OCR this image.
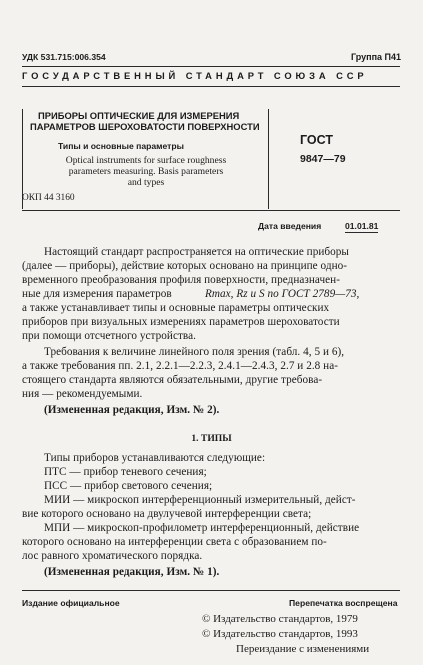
УДК 531.715:006.354	Группа П41
ГОСУДАРСТВЕННЫЙ СТАНДАРТ СОЮЗА ССР
ПРИБОРЫ ОПТИЧЕСКИЕ ДЛЯ ИЗМЕРЕНИЯ
ПАРАМЕТРОВ ШЕРОХОВАТОСТИ ПОВЕРХНОСТИ
Типы и основные параметры
Optical instruments for surface roughness
parameters measuring. Basis parameters
and types
ГОСТ
9847—79
ОКП 44 3160
Дата введения	01.01.81
Настоящий стандарт распространяется на оптические приборы
(далее — приборы), действие которых основано на принципе одно-
временного преобразования профиля поверхности, предназначен-
ные для измерения параметров	Rmax, Rz и S по ГОСТ 2789—73,
а также устанавливает типы и основные параметры оптических
приборов при визуальных измерениях параметров шероховатости
при помощи отсчетного устройства.
Требования к величине линейного поля зрения (табл. 4, 5 и 6),
а также требования пп. 2.1, 2.2.1—2.2.3, 2.4.1—2.4.3, 2.7 и 2.8 на-
стоящего стандарта являются обязательными, другие требова-
ния — рекомендуемыми.
(Измененная редакция, Изм. № 2).
1. ТИПЫ
Типы приборов устанавливаются следующие:
ПТС — прибор теневого сечения;
ПСС — прибор светового сечения;
МИИ — микроскоп интерференционный измерительный, дейст-
вие которого основано на двулучевой интерференции света;
МПИ — микроскоп-профилометр интерференционный, действие
которого основано на интерференции света с образованием по-
лос равного хроматического порядка.
(Измененная редакция, Изм. № 1).
Издание официальное	Перепечатка воспрещена
© Издательство стандартов, 1979
© Издательство стандартов, 1993
Переиздание с изменениями
